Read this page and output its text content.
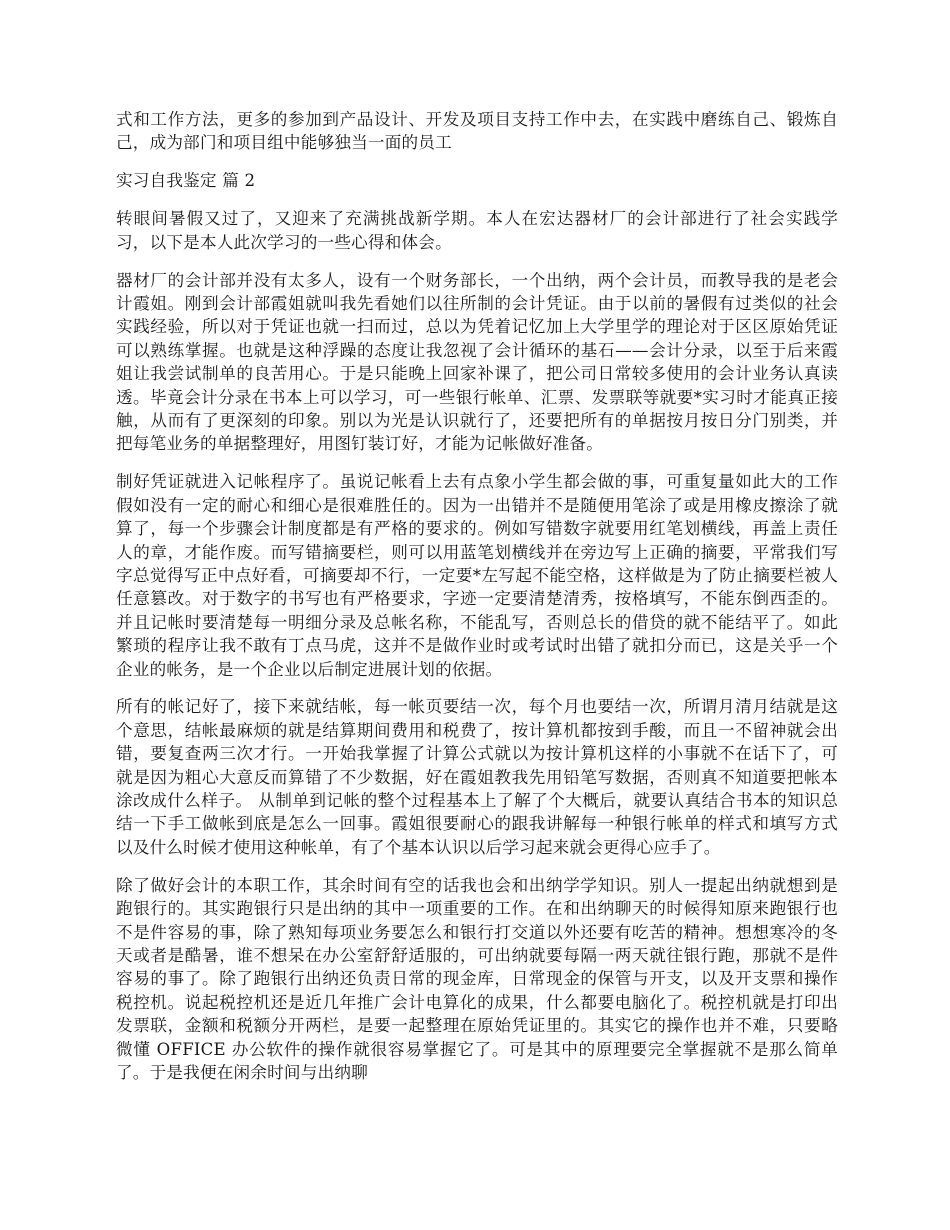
式和工作方法，更多的参加到产品设计、开发及项目支持工作中去，在实践中磨练自己、锻炼自己，成为部门和项目组中能够独当一面的员工

实习自我鉴定 篇 2

转眼间暑假又过了，又迎来了充满挑战新学期。本人在宏达器材厂的会计部进行了社会实践学习，以下是本人此次学习的一些心得和体会。

器材厂的会计部并没有太多人，设有一个财务部长，一个出纳，两个会计员，而教导我的是老会计霞姐。刚到会计部霞姐就叫我先看她们以往所制的会计凭证。由于以前的暑假有过类似的社会实践经验，所以对于凭证也就一扫而过，总以为凭着记忆加上大学里学的理论对于区区原始凭证可以熟练掌握。也就是这种浮躁的态度让我忽视了会计循环的基石——会计分录，以至于后来霞姐让我尝试制单的良苦用心。于是只能晚上回家补课了，把公司日常较多使用的会计业务认真读透。毕竟会计分录在书本上可以学习，可一些银行帐单、汇票、发票联等就要*实习时才能真正接触，从而有了更深刻的印象。别以为光是认识就行了，还要把所有的单据按月按日分门别类，并把每笔业务的单据整理好，用图钉装订好，才能为记帐做好准备。

制好凭证就进入记帐程序了。虽说记帐看上去有点象小学生都会做的事，可重复量如此大的工作假如没有一定的耐心和细心是很难胜任的。因为一出错并不是随便用笔涂了或是用橡皮擦涂了就算了，每一个步骤会计制度都是有严格的要求的。例如写错数字就要用红笔划横线，再盖上责任人的章，才能作废。而写错摘要栏，则可以用蓝笔划横线并在旁边写上正确的摘要，平常我们写字总觉得写正中点好看，可摘要却不行，一定要*左写起不能空格，这样做是为了防止摘要栏被人任意篡改。对于数字的书写也有严格要求，字迹一定要清楚清秀，按格填写，不能东倒西歪的。并且记帐时要清楚每一明细分录及总帐名称，不能乱写，否则总长的借贷的就不能结平了。如此繁琐的程序让我不敢有丁点马虎，这并不是做作业时或考试时出错了就扣分而已，这是关乎一个企业的帐务，是一个企业以后制定进展计划的依据。

所有的帐记好了，接下来就结帐，每一帐页要结一次，每个月也要结一次，所谓月清月结就是这个意思，结帐最麻烦的就是结算期间费用和税费了，按计算机都按到手酸，而且一不留神就会出错，要复查两三次才行。一开始我掌握了计算公式就以为按计算机这样的小事就不在话下了，可就是因为粗心大意反而算错了不少数据，好在霞姐教我先用铅笔写数据，否则真不知道要把帐本涂改成什么样子。 从制单到记帐的整个过程基本上了解了个大概后，就要认真结合书本的知识总结一下手工做帐到底是怎么一回事。霞姐很要耐心的跟我讲解每一种银行帐单的样式和填写方式以及什么时候才使用这种帐单，有了个基本认识以后学习起来就会更得心应手了。

除了做好会计的本职工作，其余时间有空的话我也会和出纳学学知识。别人一提起出纳就想到是跑银行的。其实跑银行只是出纳的其中一项重要的工作。在和出纳聊天的时候得知原来跑银行也不是件容易的事，除了熟知每项业务要怎么和银行打交道以外还要有吃苦的精神。想想寒冷的冬天或者是酷暑，谁不想呆在办公室舒舒适服的，可出纳就要每隔一两天就往银行跑，那就不是件容易的事了。除了跑银行出纳还负责日常的现金库，日常现金的保管与开支，以及开支票和操作税控机。说起税控机还是近几年推广会计电算化的成果，什么都要电脑化了。税控机就是打印出发票联，金额和税额分开两栏，是要一起整理在原始凭证里的。其实它的操作也并不难，只要略微懂 OFFICE 办公软件的操作就很容易掌握它了。可是其中的原理要完全掌握就不是那么简单了。于是我便在闲余时间与出纳聊
